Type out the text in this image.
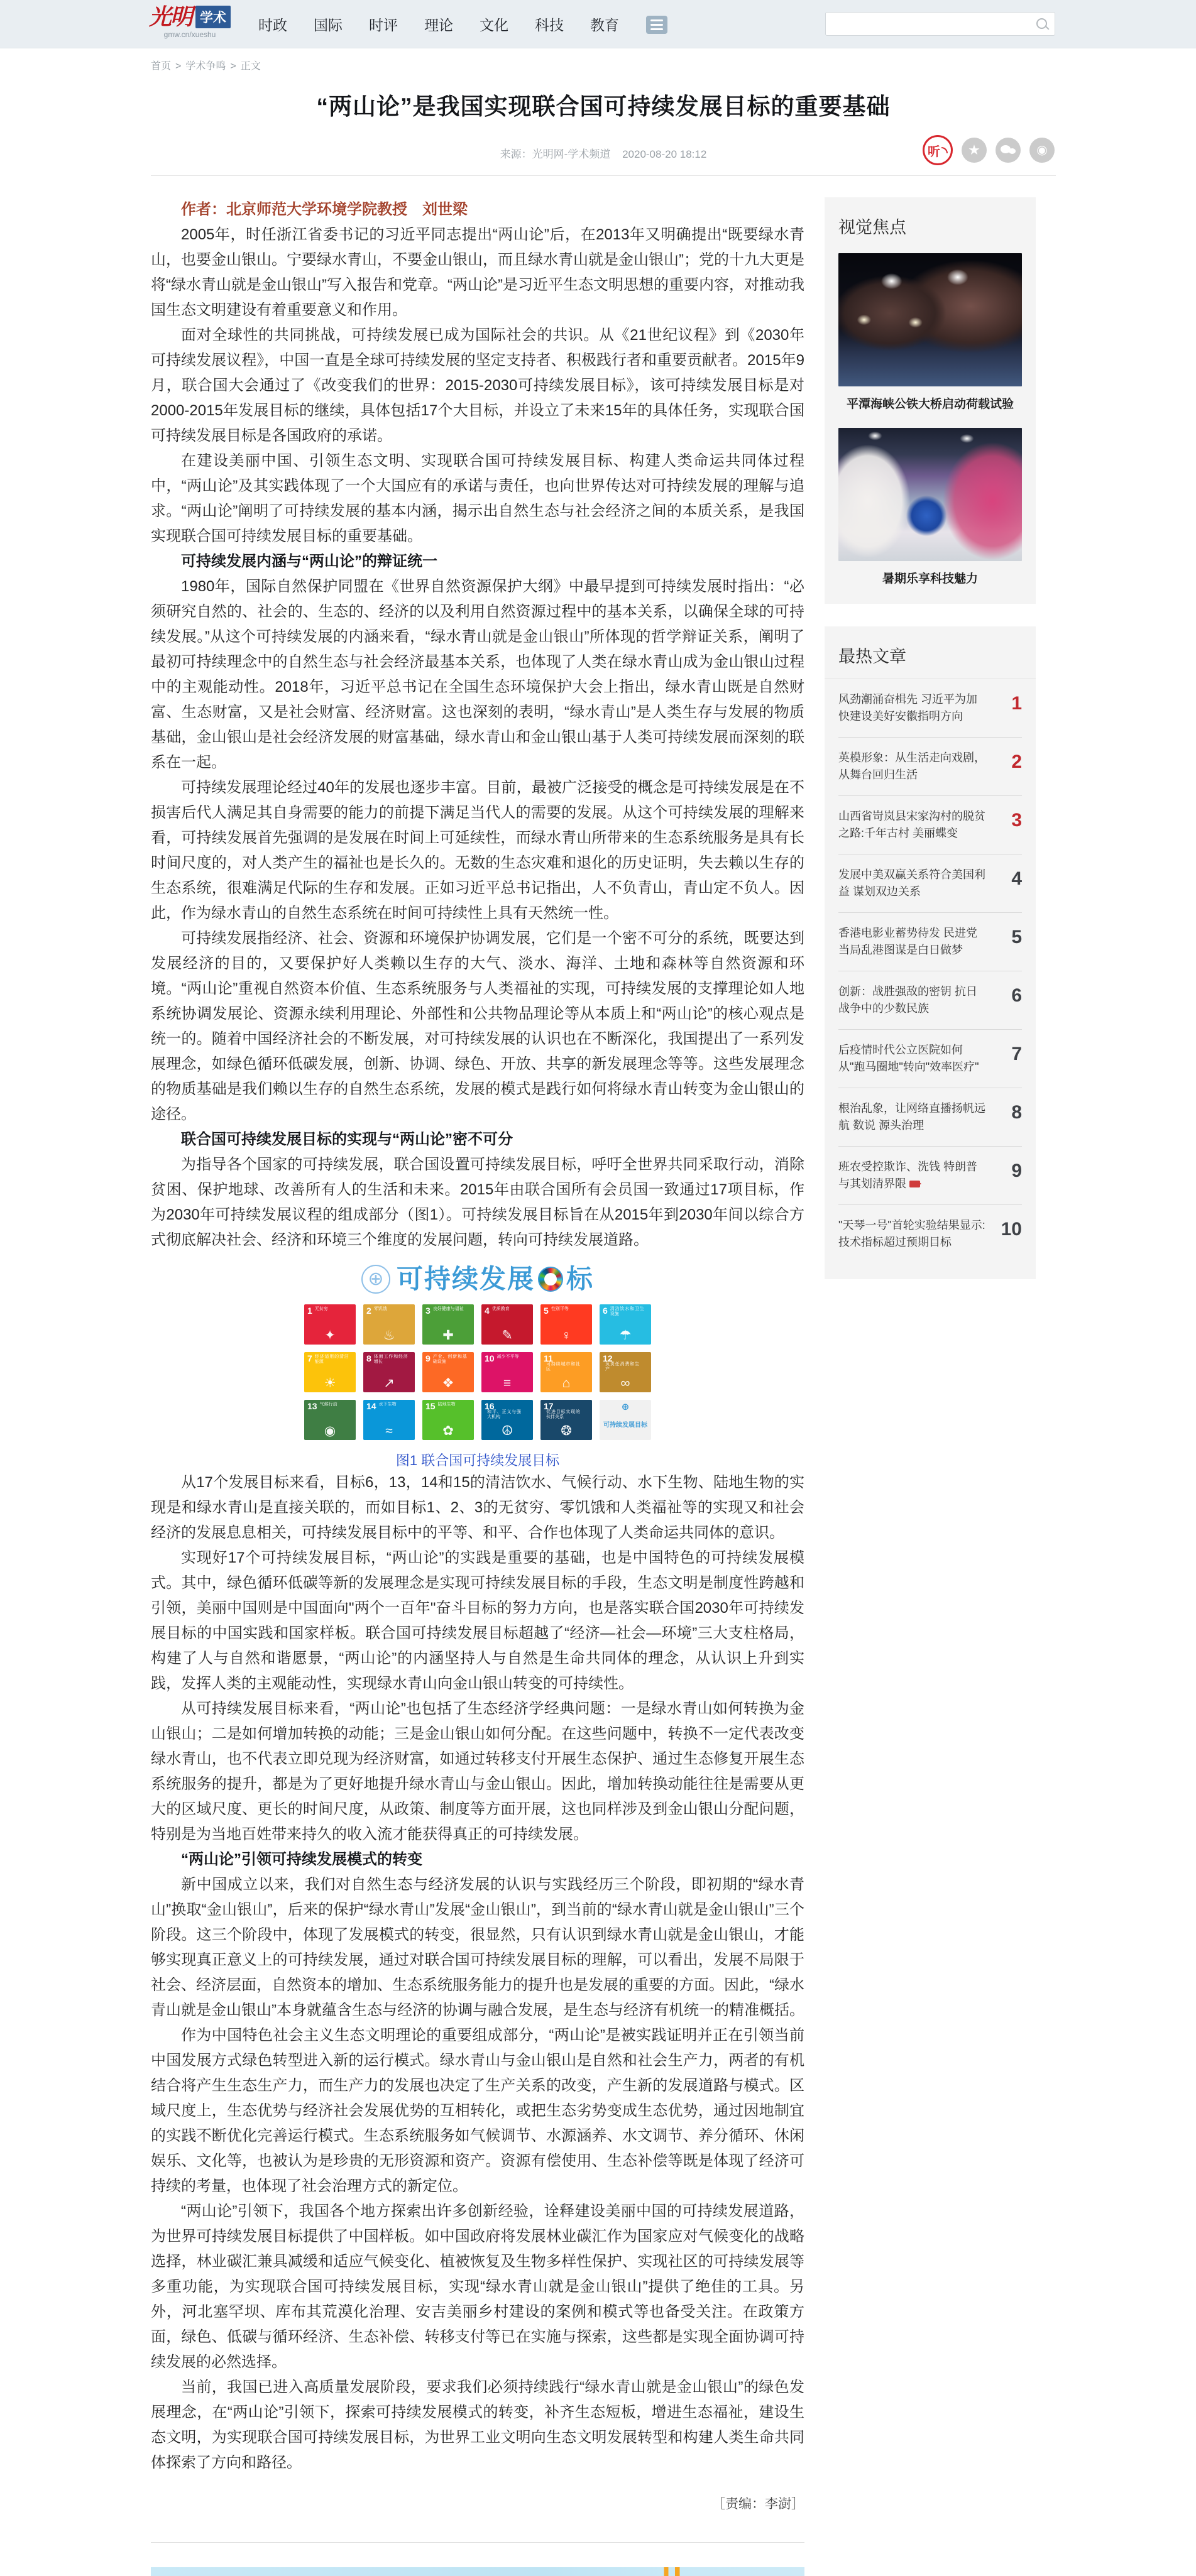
光明 学术
gmw.cn/xueshu
时政 国际 时评 理论 文化 科技 教育
首页 > 学术争鸣 > 正文
“两山论”是我国实现联合国可持续发展目标的重要基础
来源：光明网-学术频道 2020-08-20 18:12	听
★
◉
作者：北京师范大学环境学院教授　刘世梁
2005年，时任浙江省委书记的习近平同志提出“两山论”后，在2013年又明确提出“既要绿水青山，也要金山银山。宁要绿水青山，不要金山银山，而且绿水青山就是金山银山”；党的十九大更是将“绿水青山就是金山银山”写入报告和党章。“两山论”是习近平生态文明思想的重要内容，对推动我国生态文明建设有着重要意义和作用。
面对全球性的共同挑战，可持续发展已成为国际社会的共识。从《21世纪议程》到《2030年可持续发展议程》，中国一直是全球可持续发展的坚定支持者、积极践行者和重要贡献者。2015年9月，联合国大会通过了《改变我们的世界：2015-2030可持续发展目标》，该可持续发展目标是对2000-2015年发展目标的继续，具体包括17个大目标，并设立了未来15年的具体任务，实现联合国可持续发展目标是各国政府的承诺。
在建设美丽中国、引领生态文明、实现联合国可持续发展目标、构建人类命运共同体过程中，“两山论”及其实践体现了一个大国应有的承诺与责任，也向世界传达对可持续发展的理解与追求。“两山论”阐明了可持续发展的基本内涵，揭示出自然生态与社会经济之间的本质关系，是我国实现联合国可持续发展目标的重要基础。
可持续发展内涵与“两山论”的辩证统一
1980年，国际自然保护同盟在《世界自然资源保护大纲》中最早提到可持续发展时指出：“必须研究自然的、社会的、生态的、经济的以及利用自然资源过程中的基本关系，以确保全球的可持续发展。”从这个可持续发展的内涵来看，“绿水青山就是金山银山”所体现的哲学辩证关系，阐明了最初可持续理念中的自然生态与社会经济最基本关系，也体现了人类在绿水青山成为金山银山过程中的主观能动性。2018年，习近平总书记在全国生态环境保护大会上指出，绿水青山既是自然财富、生态财富，又是社会财富、经济财富。这也深刻的表明，“绿水青山”是人类生存与发展的物质基础，金山银山是社会经济发展的财富基础，绿水青山和金山银山基于人类可持续发展而深刻的联系在一起。
可持续发展理论经过40年的发展也逐步丰富。目前，最被广泛接受的概念是可持续发展是在不损害后代人满足其自身需要的能力的前提下满足当代人的需要的发展。从这个可持续发展的理解来看，可持续发展首先强调的是发展在时间上可延续性，而绿水青山所带来的生态系统服务是具有长时间尺度的，对人类产生的福祉也是长久的。无数的生态灾难和退化的历史证明，失去赖以生存的生态系统，很难满足代际的生存和发展。正如习近平总书记指出，人不负青山，青山定不负人。因此，作为绿水青山的自然生态系统在时间可持续性上具有天然统一性。
可持续发展指经济、社会、资源和环境保护协调发展，它们是一个密不可分的系统，既要达到发展经济的目的，又要保护好人类赖以生存的大气、淡水、海洋、土地和森林等自然资源和环境。“两山论”重视自然资本价值、生态系统服务与人类福祉的实现，可持续发展的支撑理论如人地系统协调发展论、资源永续利用理论、外部性和公共物品理论等从本质上和“两山论”的核心观点是统一的。随着中国经济社会的不断发展，对可持续发展的认识也在不断深化，我国提出了一系列发展理念，如绿色循环低碳发展，创新、协调、绿色、开放、共享的新发展理念等等。这些发展理念的物质基础是我们赖以生存的自然生态系统，发展的模式是践行如何将绿水青山转变为金山银山的途径。
联合国可持续发展目标的实现与“两山论”密不可分
为指导各个国家的可持续发展，联合国设置可持续发展目标，呼吁全世界共同采取行动，消除贫困、保护地球、改善所有人的生活和未来。2015年由联合国所有会员国一致通过17项目标，作为2030年可持续发展议程的组成部分（图1）。可持续发展目标旨在从2015年到2030年间以综合方式彻底解决社会、经济和环境三个维度的发展问题，转向可持续发展道路。
⊕
可持续发展 标
1 无贫穷
✦
2 零饥饿
♨
3 良好健康与福祉
✚
4 优质教育
✎
5 性别平等
♀
6 清洁饮水和卫生设施
☂
7 经济适用的清洁能源
☀
8 体面工作和经济增长
↗
9 产业、创新和基础设施
❖
10 减少不平等
≡
11
可持续城市和社区
⌂
12
负责任消费和生产
∞
13 气候行动
◉
14 水下生物
≈
15 陆地生物
✿
16
和平、正义与强大机构
☮
17
促进目标实现的伙伴关系
❂
⊕
可持续发展目标
图1 联合国可持续发展目标
从17个发展目标来看，目标6，13，14和15的清洁饮水、气候行动、水下生物、陆地生物的实现是和绿水青山是直接关联的，而如目标1、2、3的无贫穷、零饥饿和人类福祉等的实现又和社会经济的发展息息相关，可持续发展目标中的平等、和平、合作也体现了人类命运共同体的意识。
实现好17个可持续发展目标，“两山论”的实践是重要的基础，也是中国特色的可持续发展模式。其中，绿色循环低碳等新的发展理念是实现可持续发展目标的手段，生态文明是制度性跨越和引领，美丽中国则是中国面向"两个一百年"奋斗目标的努力方向，也是落实联合国2030年可持续发展目标的中国实践和国家样板。联合国可持续发展目标超越了“经济—社会—环境”三大支柱格局，构建了人与自然和谐愿景，“两山论”的内涵坚持人与自然是生命共同体的理念，从认识上升到实践，发挥人类的主观能动性，实现绿水青山向金山银山转变的可持续性。
从可持续发展目标来看，“两山论”也包括了生态经济学经典问题：一是绿水青山如何转换为金山银山；二是如何增加转换的动能；三是金山银山如何分配。在这些问题中，转换不一定代表改变绿水青山，也不代表立即兑现为经济财富，如通过转移支付开展生态保护、通过生态修复开展生态系统服务的提升，都是为了更好地提升绿水青山与金山银山。因此，增加转换动能往往是需要从更大的区域尺度、更长的时间尺度，从政策、制度等方面开展，这也同样涉及到金山银山分配问题，特别是为当地百姓带来持久的收入流才能获得真正的可持续发展。
“两山论”引领可持续发展模式的转变
新中国成立以来，我们对自然生态与经济发展的认识与实践经历三个阶段，即初期的“绿水青山”换取“金山银山”，后来的保护“绿水青山”发展“金山银山”，到当前的“绿水青山就是金山银山”三个阶段。这三个阶段中，体现了发展模式的转变，很显然，只有认识到绿水青山就是金山银山，才能够实现真正意义上的可持续发展，通过对联合国可持续发展目标的理解，可以看出，发展不局限于社会、经济层面，自然资本的增加、生态系统服务能力的提升也是发展的重要的方面。因此，“绿水青山就是金山银山”本身就蕴含生态与经济的协调与融合发展，是生态与经济有机统一的精准概括。
作为中国特色社会主义生态文明理论的重要组成部分，“两山论”是被实践证明并正在引领当前中国发展方式绿色转型进入新的运行模式。绿水青山与金山银山是自然和社会生产力，两者的有机结合将产生生态生产力，而生产力的发展也决定了生产关系的改变，产生新的发展道路与模式。区域尺度上，生态优势与经济社会发展优势的互相转化，或把生态劣势变成生态优势，通过因地制宜的实践不断优化完善运行模式。生态系统服务如气候调节、水源涵养、水文调节、养分循环、休闲娱乐、文化等，也被认为是珍贵的无形资源和资产。资源有偿使用、生态补偿等既是体现了经济可持续的考量，也体现了社会治理方式的新定位。
“两山论”引领下，我国各个地方探索出许多创新经验，诠释建设美丽中国的可持续发展道路，为世界可持续发展目标提供了中国样板。如中国政府将发展林业碳汇作为国家应对气候变化的战略选择，林业碳汇兼具减缓和适应气候变化、植被恢复及生物多样性保护、实现社区的可持续发展等多重功能，为实现联合国可持续发展目标，实现“绿水青山就是金山银山”提供了绝佳的工具。另外，河北塞罕坝、库布其荒漠化治理、安吉美丽乡村建设的案例和模式等也备受关注。在政策方面，绿色、低碳与循环经济、生态补偿、转移支付等已在实施与探索，这些都是实现全面协调可持续发展的必然选择。
当前，我国已进入高质量发展阶段，要求我们必须持续践行“绿水青山就是金山银山”的绿色发展理念，在“两山论”引领下，探索可持续发展模式的转变，补齐生态短板，增进生态福祉，建设生态文明，为实现联合国可持续发展目标，为世界工业文明向生态文明发展转型和构建人类生命共同体探索了方向和路径。
［责编：李澍］
视觉焦点
平潭海峡公铁大桥启动荷载试验
暑期乐享科技魅力
最热文章
风劲潮涌奋楫先 习近平为加快建设美好安徽指明方向
1
英模形象：从生活走向戏剧，从舞台回归生活
2
山西省岢岚县宋家沟村的脱贫之路:千年古村 美丽蝶变
3
发展中美双赢关系符合美国利益 谋划双边关系
4
香港电影业蓄势待发 民进党当局乱港图谋是白日做梦
5
创新：战胜强敌的密钥 抗日战争中的少数民族
6
后疫情时代公立医院如何从"跑马圈地"转向"效率医疗"
7
根治乱象，让网络直播扬帆远航 数说 源头治理
8
班农受控欺诈、洗钱 特朗普与其划清界限
9
"天琴一号"首轮实验结果显示:技术指标超过预期目标
10
